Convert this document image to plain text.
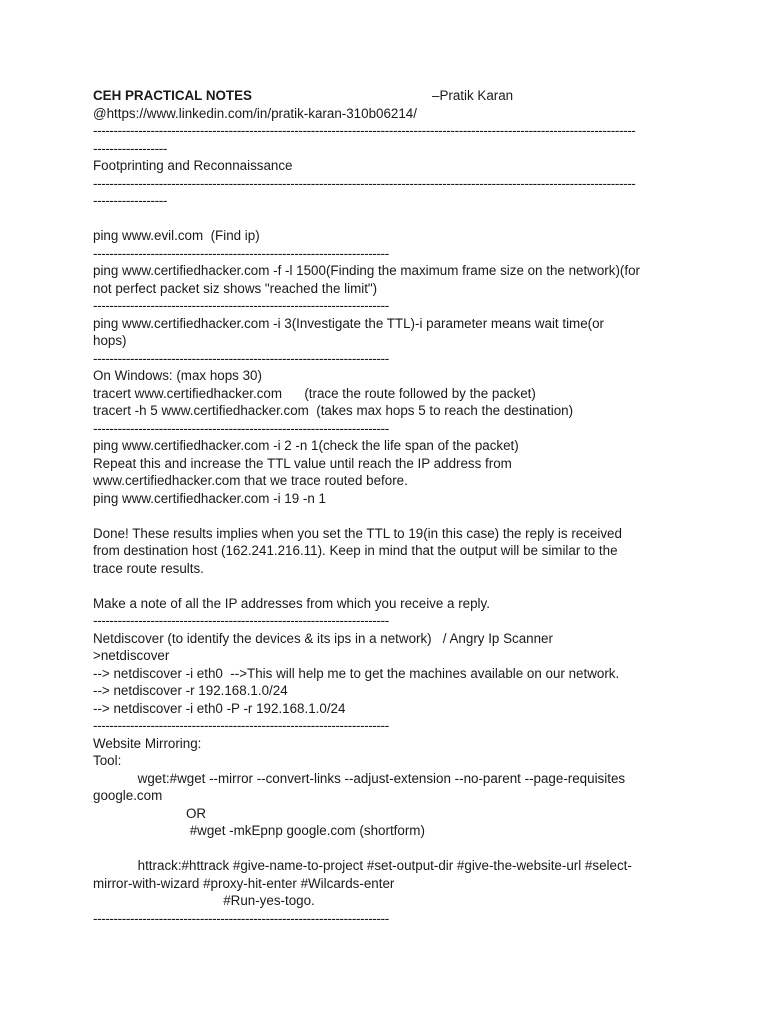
CEH PRACTICAL NOTES	–Pratik Karan
@https://www.linkedin.com/in/pratik-karan-310b06214/
------------------------------------------------------------------------------------------------------------------------------------
------------------
Footprinting and Reconnaissance
------------------------------------------------------------------------------------------------------------------------------------
------------------
ping www.evil.com  (Find ip)
------------------------------------------------------------------------
ping www.certifiedhacker.com -f -l 1500(Finding the maximum frame size on the network)(for
not perfect packet siz shows "reached the limit")
------------------------------------------------------------------------
ping www.certifiedhacker.com -i 3(Investigate the TTL)-i parameter means wait time(or
hops)
------------------------------------------------------------------------
On Windows: (max hops 30)
tracert www.certifiedhacker.com      (trace the route followed by the packet)
tracert -h 5 www.certifiedhacker.com  (takes max hops 5 to reach the destination)
------------------------------------------------------------------------
ping www.certifiedhacker.com -i 2 -n 1(check the life span of the packet)
Repeat this and increase the TTL value until reach the IP address from
www.certifiedhacker.com that we trace routed before.
ping www.certifiedhacker.com -i 19 -n 1
Done! These results implies when you set the TTL to 19(in this case) the reply is received
from destination host (162.241.216.11). Keep in mind that the output will be similar to the
trace route results.
Make a note of all the IP addresses from which you receive a reply.
------------------------------------------------------------------------
Netdiscover (to identify the devices & its ips in a network)   / Angry Ip Scanner
>netdiscover
--> netdiscover -i eth0  -->This will help me to get the machines available on our network.
--> netdiscover -r 192.168.1.0/24
--> netdiscover -i eth0 -P -r 192.168.1.0/24
------------------------------------------------------------------------
Website Mirroring:
Tool:
wget:#wget --mirror --convert-links --adjust-extension --no-parent --page-requisites
google.com
OR
#wget -mkEpnp google.com (shortform)
httrack:#httrack #give-name-to-project #set-output-dir #give-the-website-url #select-
mirror-with-wizard #proxy-hit-enter #Wilcards-enter
#Run-yes-togo.
------------------------------------------------------------------------
